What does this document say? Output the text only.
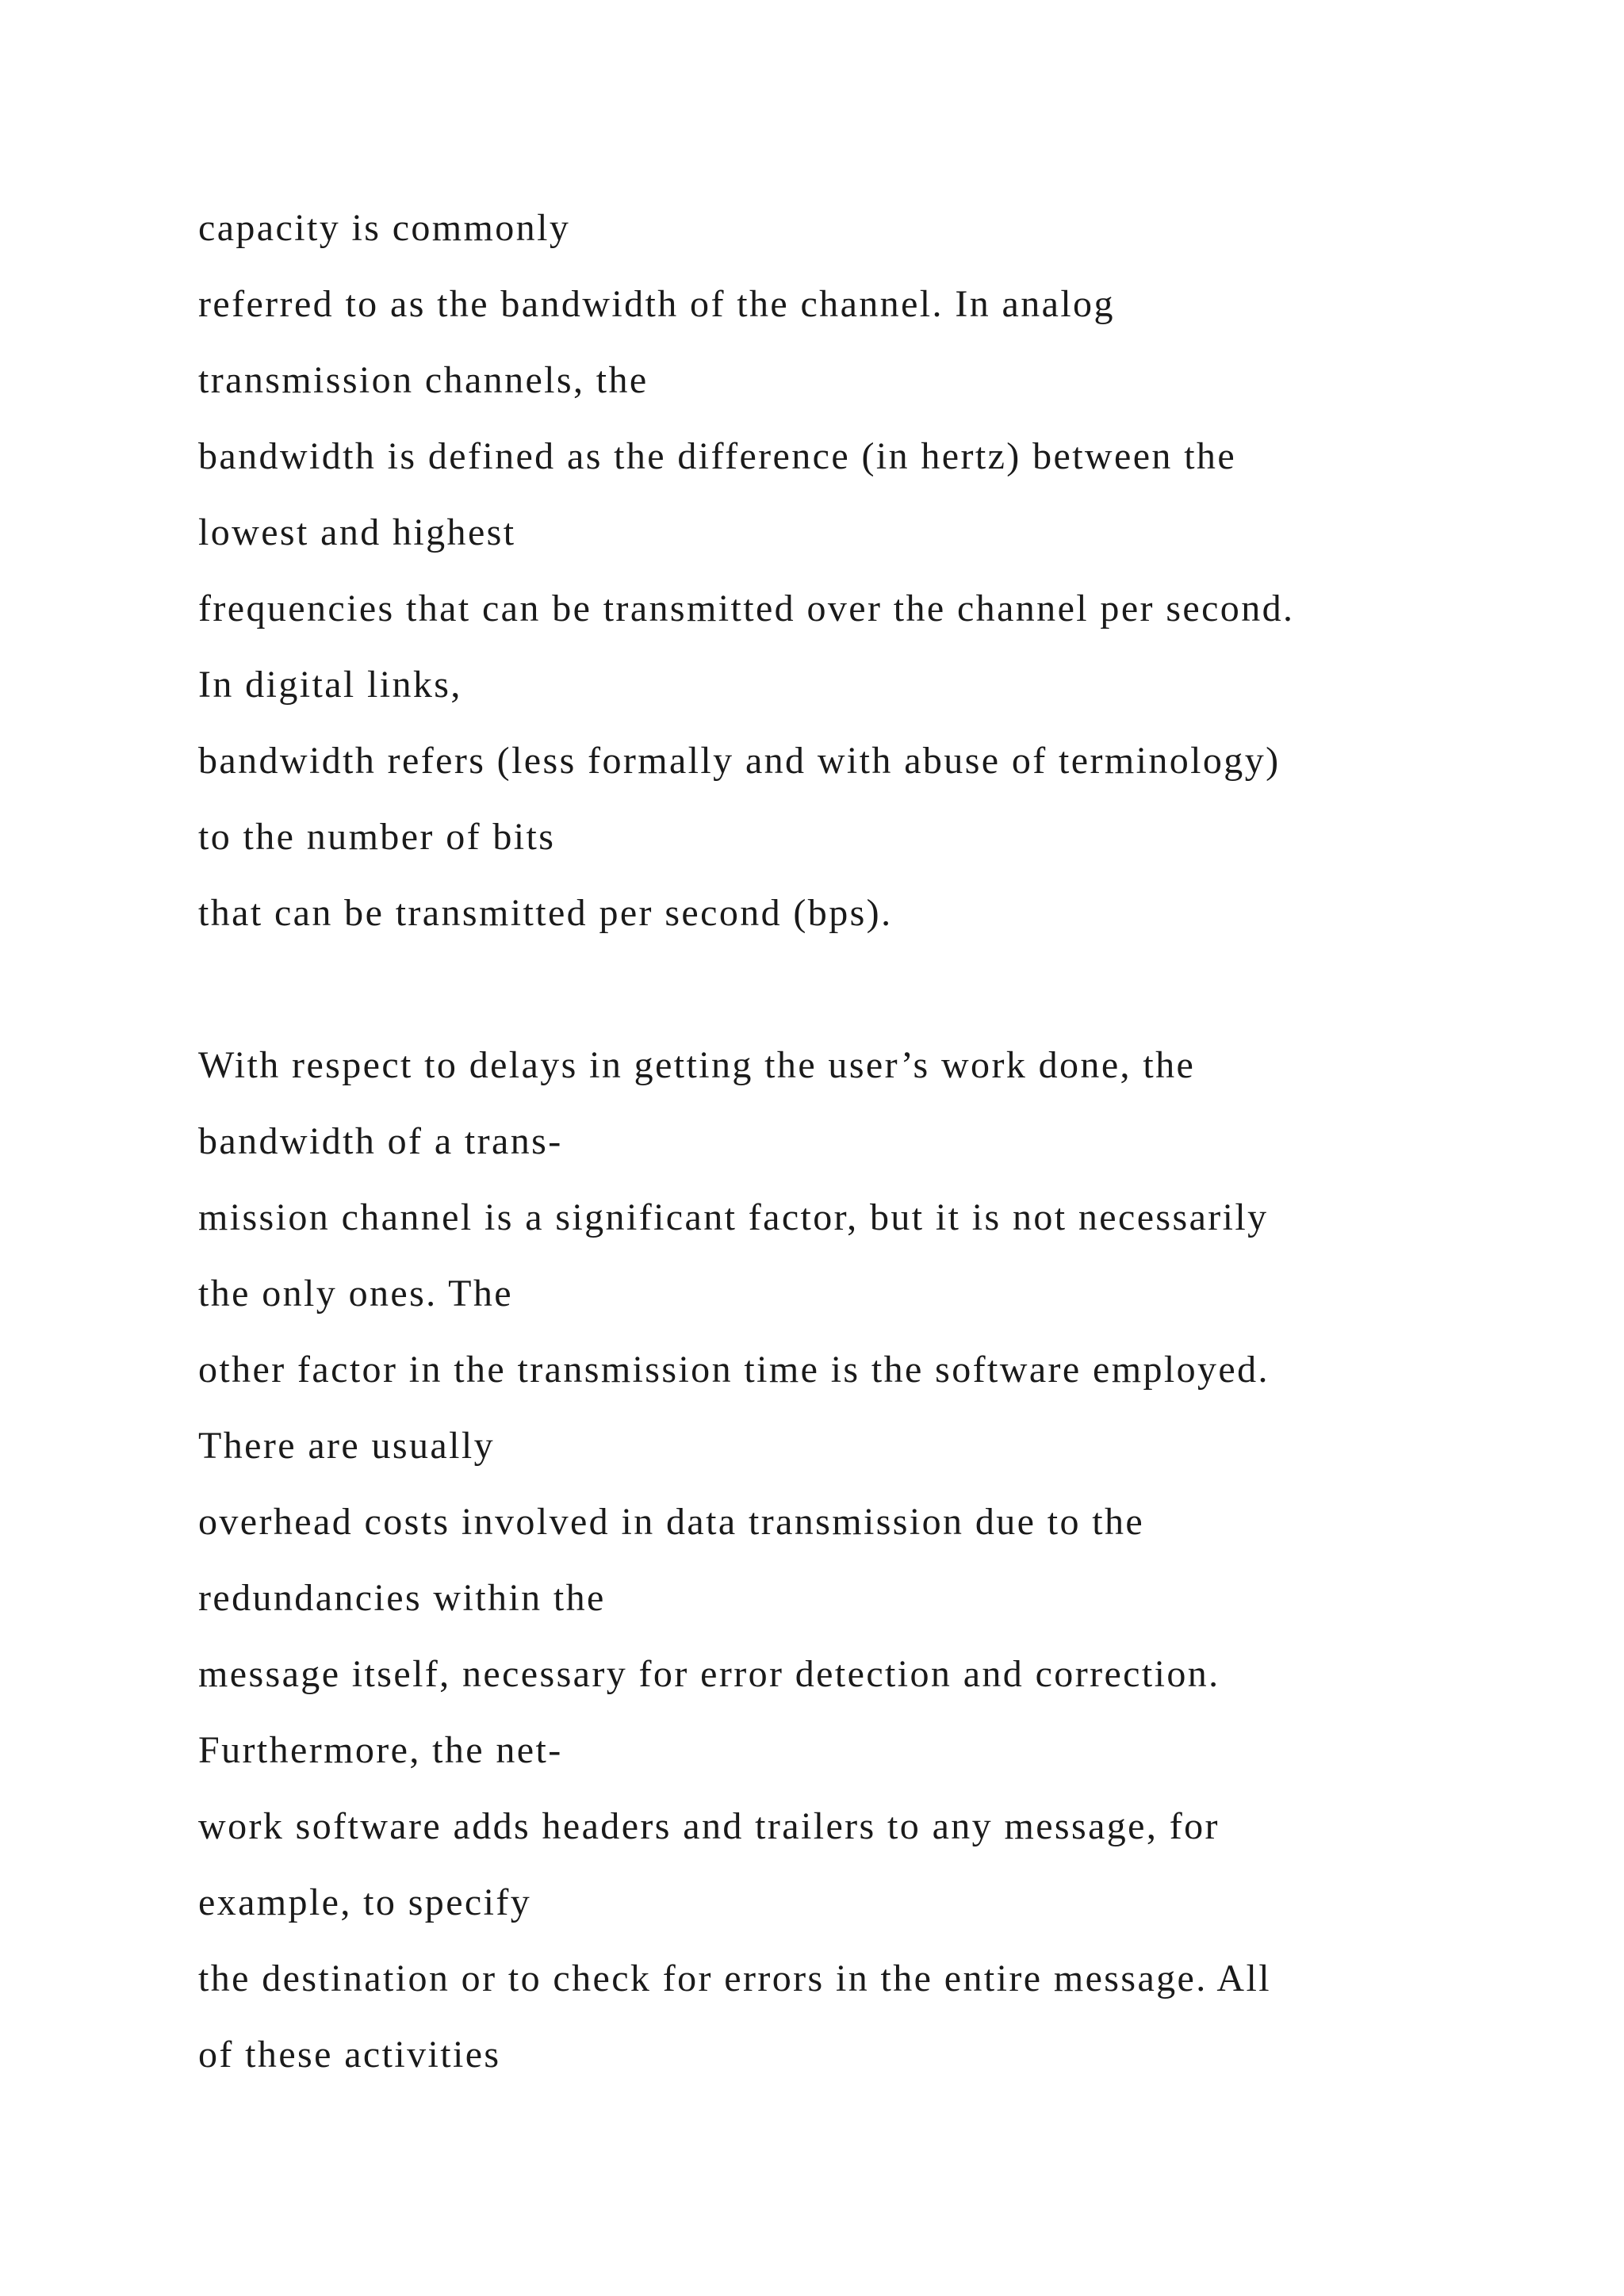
capacity is commonly
referred to as the bandwidth of the channel. In analog
transmission channels, the
bandwidth is defined as the difference (in hertz) between the
lowest and highest
frequencies that can be transmitted over the channel per second.
In digital links,
bandwidth refers (less formally and with abuse of terminology)
to the number of bits
that can be transmitted per second (bps).
With respect to delays in getting the user’s work done, the
bandwidth of a trans-
mission channel is a significant factor, but it is not necessarily
the only ones. The
other factor in the transmission time is the software employed.
There are usually
overhead costs involved in data transmission due to the
redundancies within the
message itself, necessary for error detection and correction.
Furthermore, the net-
work software adds headers and trailers to any message, for
example, to specify
the destination or to check for errors in the entire message. All
of these activities
